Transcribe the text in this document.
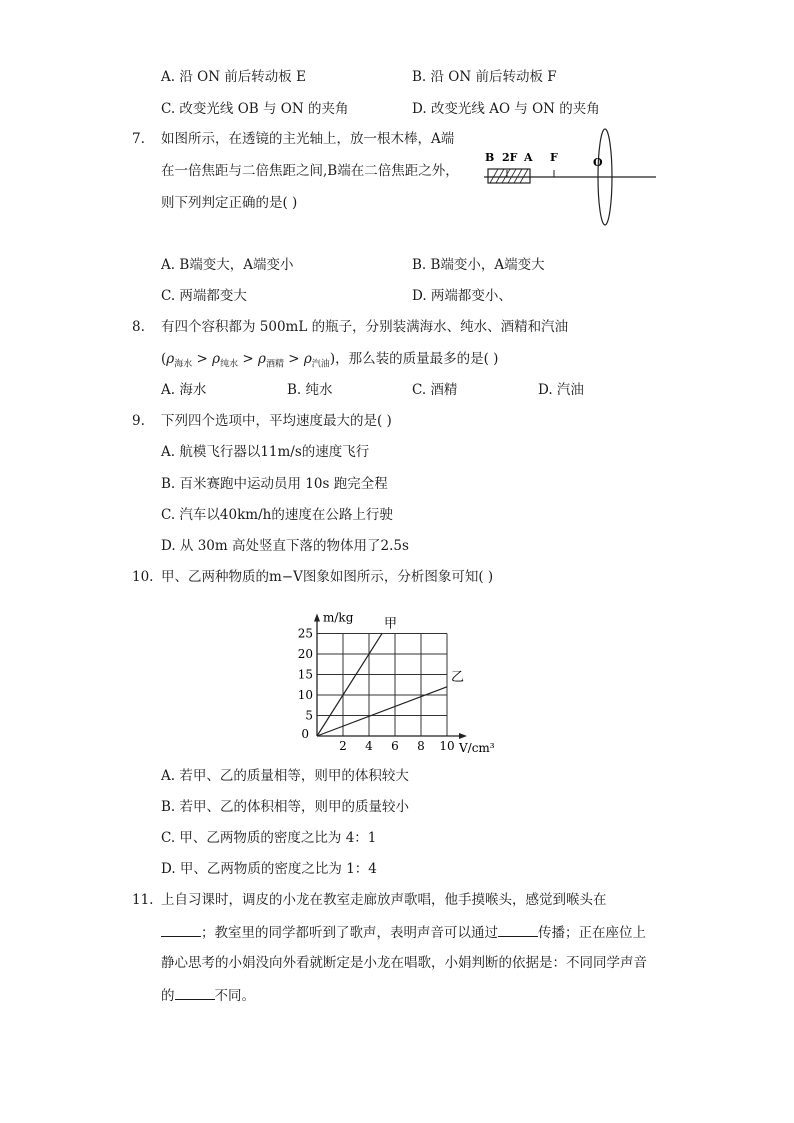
A. 沿 ON 前后转动板 E	B. 沿 ON 前后转动板 F
C. 改变光线 OB 与 ON 的夹角	D. 改变光线 AO 与 ON 的夹角
7. 如图所示，在透镜的主光轴上，放一根木棒，A端
在一倍焦距与二倍焦距之间,B端在二倍焦距之外，
则下列判定正确的是( )
B 2F A F	O
A. B端变大，A端变小	B. B端变小，A端变大
C. 两端都变大	D. 两端都变小、
8. 有四个容积都为 500mL 的瓶子，分别装满海水、纯水、酒精和汽油
$(\rho_{海水} > \rho_{纯水} > \rho_{酒精} > \rho_{汽油})$，那么装的质量最多的是( )
A. 海水	B. 纯水	C. 酒精	D. 汽油
9. 下列四个选项中，平均速度最大的是( )
A. 航模飞行器以11m/s的速度飞行
B. 百米赛跑中运动员用 10s 跑完全程
C. 汽车以40km/h的速度在公路上行驶
D. 从 30m 高处竖直下落的物体用了2.5s
10. 甲、乙两种物质的m−V图象如图所示，分析图象可知( )
2 4 6 8 10
5
10
15
20
25
0
m/kg
V/cm³
甲
乙
A. 若甲、乙的质量相等，则甲的体积较大
B. 若甲、乙的体积相等，则甲的质量较小
C. 甲、乙两物质的密度之比为 4：1
D. 甲、乙两物质的密度之比为 1：4
11. 上自习课时，调皮的小龙在教室走廊放声歌唱，他手摸喉头，感觉到喉头在
；教室里的同学都听到了歌声，表明声音可以通过	传播；正在座位上
静心思考的小娟没向外看就断定是小龙在唱歌，小娟判断的依据是：不同同学声音
的	不同。
